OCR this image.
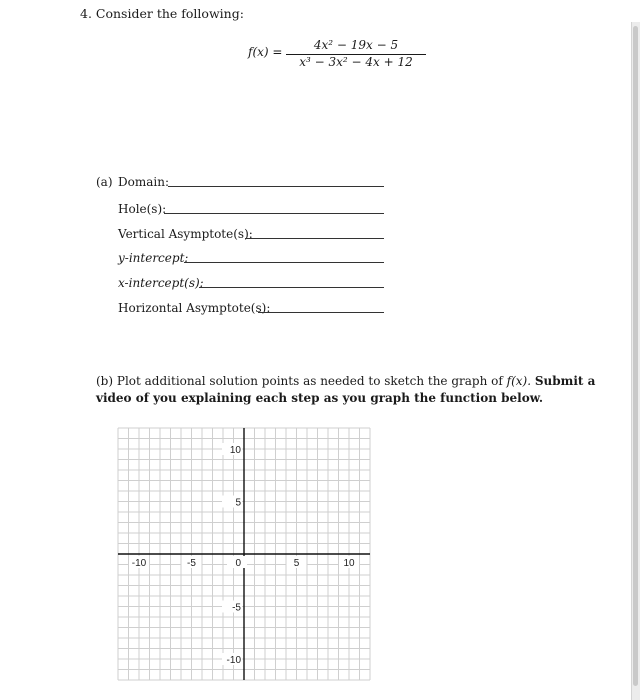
4. Consider the following:
f(x) =	4x² − 19x − 5
x³ − 3x² − 4x + 12
(a) Domain:
Hole(s):
Vertical Asymptote(s):
y-intercept:
x-intercept(s):
Horizontal Asymptote(s):
(b) Plot additional solution points as needed to sketch the graph of f(x). Submit a video of you explaining each step as you graph the function below.
-10	-5	0	5	10
10
5
-5
-10
